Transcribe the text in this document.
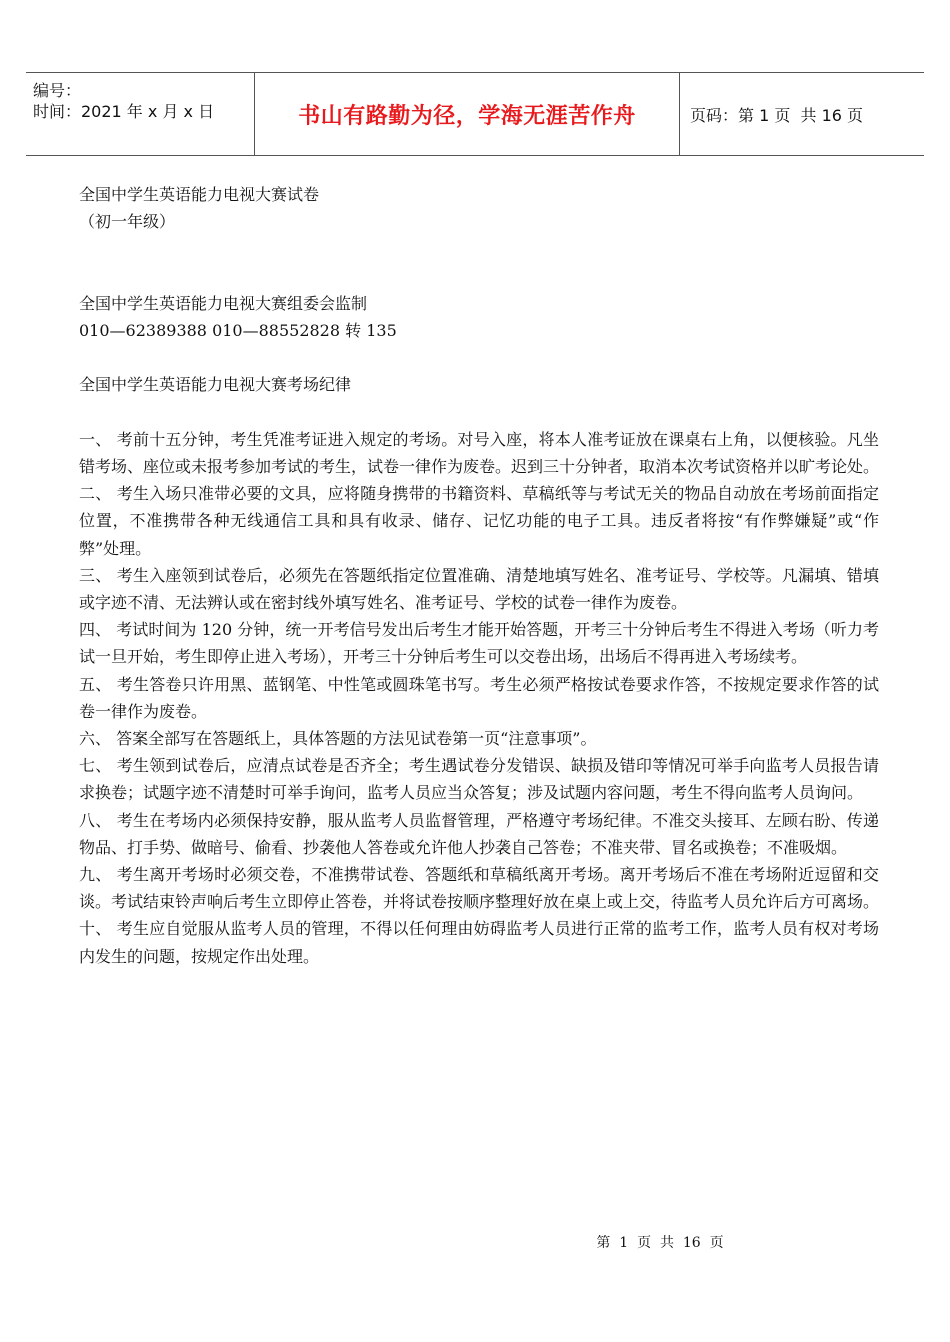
编号：
时间：2021 年 x 月 x 日	书山有路勤为径，学海无涯苦作舟	页码：第 1 页  共 16 页

全国中学生英语能力电视大赛试卷

（初一年级）

全国中学生英语能力电视大赛组委会监制

010—62389388 010—88552828 转 135

全国中学生英语能力电视大赛考场纪律

一、 考前十五分钟，考生凭准考证进入规定的考场。对号入座，将本人准考证放在课桌右上角，以便核验。凡坐错考场、座位或未报考参加考试的考生，试卷一律作为废卷。迟到三十分钟者，取消本次考试资格并以旷考论处。

二、 考生入场只准带必要的文具，应将随身携带的书籍资料、草稿纸等与考试无关的物品自动放在考场前面指定位置，不准携带各种无线通信工具和具有收录、储存、记忆功能的电子工具。违反者将按“有作弊嫌疑”或“作弊”处理。

三、 考生入座领到试卷后，必须先在答题纸指定位置准确、清楚地填写姓名、准考证号、学校等。凡漏填、错填或字迹不清、无法辨认或在密封线外填写姓名、准考证号、学校的试卷一律作为废卷。

四、 考试时间为 120 分钟，统一开考信号发出后考生才能开始答题，开考三十分钟后考生不得进入考场（听力考试一旦开始，考生即停止进入考场），开考三十分钟后考生可以交卷出场，出场后不得再进入考场续考。

五、 考生答卷只许用黑、蓝钢笔、中性笔或圆珠笔书写。考生必须严格按试卷要求作答，不按规定要求作答的试卷一律作为废卷。

六、 答案全部写在答题纸上，具体答题的方法见试卷第一页“注意事项”。

七、 考生领到试卷后，应清点试卷是否齐全；考生遇试卷分发错误、缺损及错印等情况可举手向监考人员报告请求换卷；试题字迹不清楚时可举手询问，监考人员应当众答复；涉及试题内容问题，考生不得向监考人员询问。

八、 考生在考场内必须保持安静，服从监考人员监督管理，严格遵守考场纪律。不准交头接耳、左顾右盼、传递物品、打手势、做暗号、偷看、抄袭他人答卷或允许他人抄袭自己答卷；不准夹带、冒名或换卷；不准吸烟。

九、 考生离开考场时必须交卷，不准携带试卷、答题纸和草稿纸离开考场。离开考场后不准在考场附近逗留和交谈。考试结束铃声响后考生立即停止答卷，并将试卷按顺序整理好放在桌上或上交，待监考人员允许后方可离场。

十、 考生应自觉服从监考人员的管理，不得以任何理由妨碍监考人员进行正常的监考工作，监考人员有权对考场内发生的问题，按规定作出处理。

第  1  页  共  16  页
